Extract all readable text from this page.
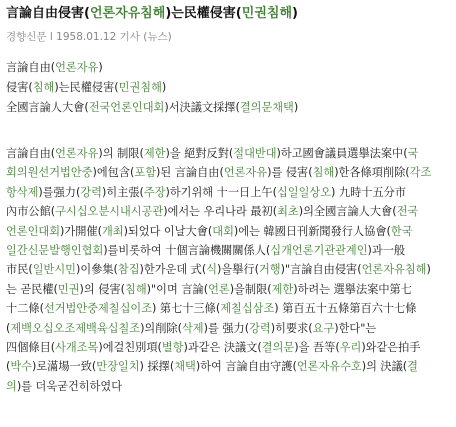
言論自由侵害(언론자유침해)는民權侵害(민권침해)
경향신문 l 1958.01.12 기사 (뉴스)
言論自由(언론자유)
侵害(침해)는民權侵害(민권침해)
全國言論人大會(전국언론인대회)서決議文採擇(결의문채택)
言論自由(언론자유)의 制限(제한)을 絕對反對(절대반대)하고國會議員選擧法案中(국
회의원선거법안중)에包含(포함)된 言論自由(언론자유)를 侵害(침해)한各條項削除(각조
항삭제)를强力(강력)히主張(주장)하기위해 十一日上午(십일일상오) 九時十五分市
內市公館(구시십오분시내시공관)에서는 우리나라 最初(최초)의全國言論人大會(전국
언론인대회)가開催(개최)되었다 이날大會(대회)에는 韓國日刊新聞發行人協會(한국
일간신문발행인협회)를비롯하여 十個言論機關關係人(십개언론기관관계인)과一般
市民(일반시민)이參集(참집)한가운데 式(식)을擧行(거행)"言論自由侵害(언론자유침해)
는 곧民權(민권)의 侵害(침해)"이며 言論(언론)을制限(제한)하려는 選擧法案中第七
十二條(선거법안중제칠십이조) 第七十三條(제칠십삼조) 第百五十五條第百六十七條
(제백오십오조제백육십칠조)의削除(삭제)를 强力(강력)히要求(요구)한다"는
四個條目(사개조목)에걸친別項(별항)과같은 決議文(결의문)을 吾等(우리)와같은拍手
(박수)로滿場一致(만장일치) 採擇(채택)하여 言論自由守護(언론자유수호)의 決議(결
의)를 더욱굳건히하였다
